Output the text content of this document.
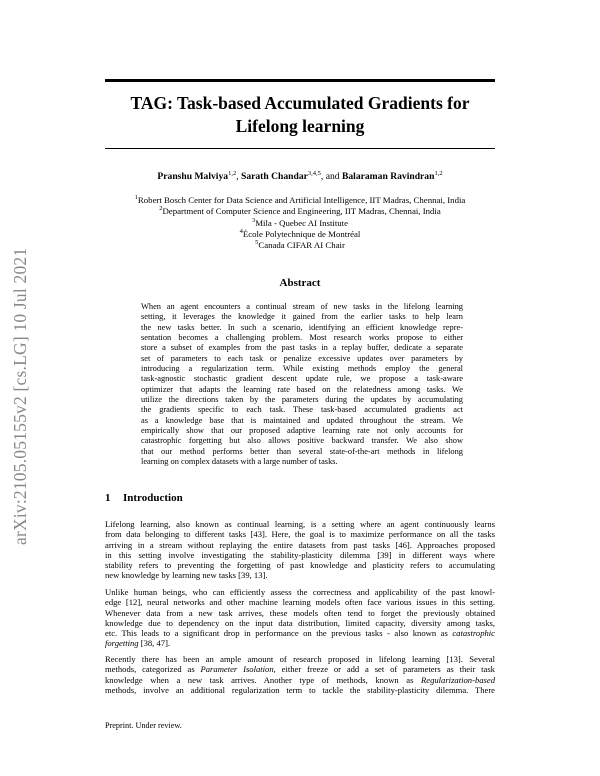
arXiv:2105.05155v2 [cs.LG] 10 Jul 2021
TAG: Task-based Accumulated Gradients for
Lifelong learning
Pranshu Malviya$^{1,2}$, Sarath Chandar$^{3,4,5}$, and Balaraman Ravindran$^{1,2}$
$^1$Robert Bosch Center for Data Science and Artificial Intelligence, IIT Madras, Chennai, India
$^2$Department of Computer Science and Engineering, IIT Madras, Chennai, India
$^3$Mila - Quebec AI Institute
$^4$École Polytechnique de Montréal
$^5$Canada CIFAR AI Chair
Abstract
When an agent encounters a continual stream of new tasks in the lifelong learning
setting, it leverages the knowledge it gained from the earlier tasks to help learn
the new tasks better. In such a scenario, identifying an efficient knowledge repre-
sentation becomes a challenging problem. Most research works propose to either
store a subset of examples from the past tasks in a replay buffer, dedicate a separate
set of parameters to each task or penalize excessive updates over parameters by
introducing a regularization term. While existing methods employ the general
task-agnostic stochastic gradient descent update rule, we propose a task-aware
optimizer that adapts the learning rate based on the relatedness among tasks. We
utilize the directions taken by the parameters during the updates by accumulating
the gradients specific to each task. These task-based accumulated gradients act
as a knowledge base that is maintained and updated throughout the stream. We
empirically show that our proposed adaptive learning rate not only accounts for
catastrophic forgetting but also allows positive backward transfer. We also show
that our method performs better than several state-of-the-art methods in lifelong
learning on complex datasets with a large number of tasks.
1 Introduction
Lifelong learning, also known as continual learning, is a setting where an agent continuously learns
from data belonging to different tasks [43]. Here, the goal is to maximize performance on all the tasks
arriving in a stream without replaying the entire datasets from past tasks [46]. Approaches proposed
in this setting involve investigating the stability-plasticity dilemma [39] in different ways where
stability refers to preventing the forgetting of past knowledge and plasticity refers to accumulating
new knowledge by learning new tasks [39, 13].
Unlike human beings, who can efficiently assess the correctness and applicability of the past knowl-
edge [12], neural networks and other machine learning models often face various issues in this setting.
Whenever data from a new task arrives, these models often tend to forget the previously obtained
knowledge due to dependency on the input data distribution, limited capacity, diversity among tasks,
etc. This leads to a significant drop in performance on the previous tasks - also known as catastrophic
forgetting [38, 47].
Recently there has been an ample amount of research proposed in lifelong learning [13]. Several
methods, categorized as Parameter Isolation, either freeze or add a set of parameters as their task
knowledge when a new task arrives. Another type of methods, known as Regularization-based
methods, involve an additional regularization term to tackle the stability-plasticity dilemma. There
Preprint. Under review.
